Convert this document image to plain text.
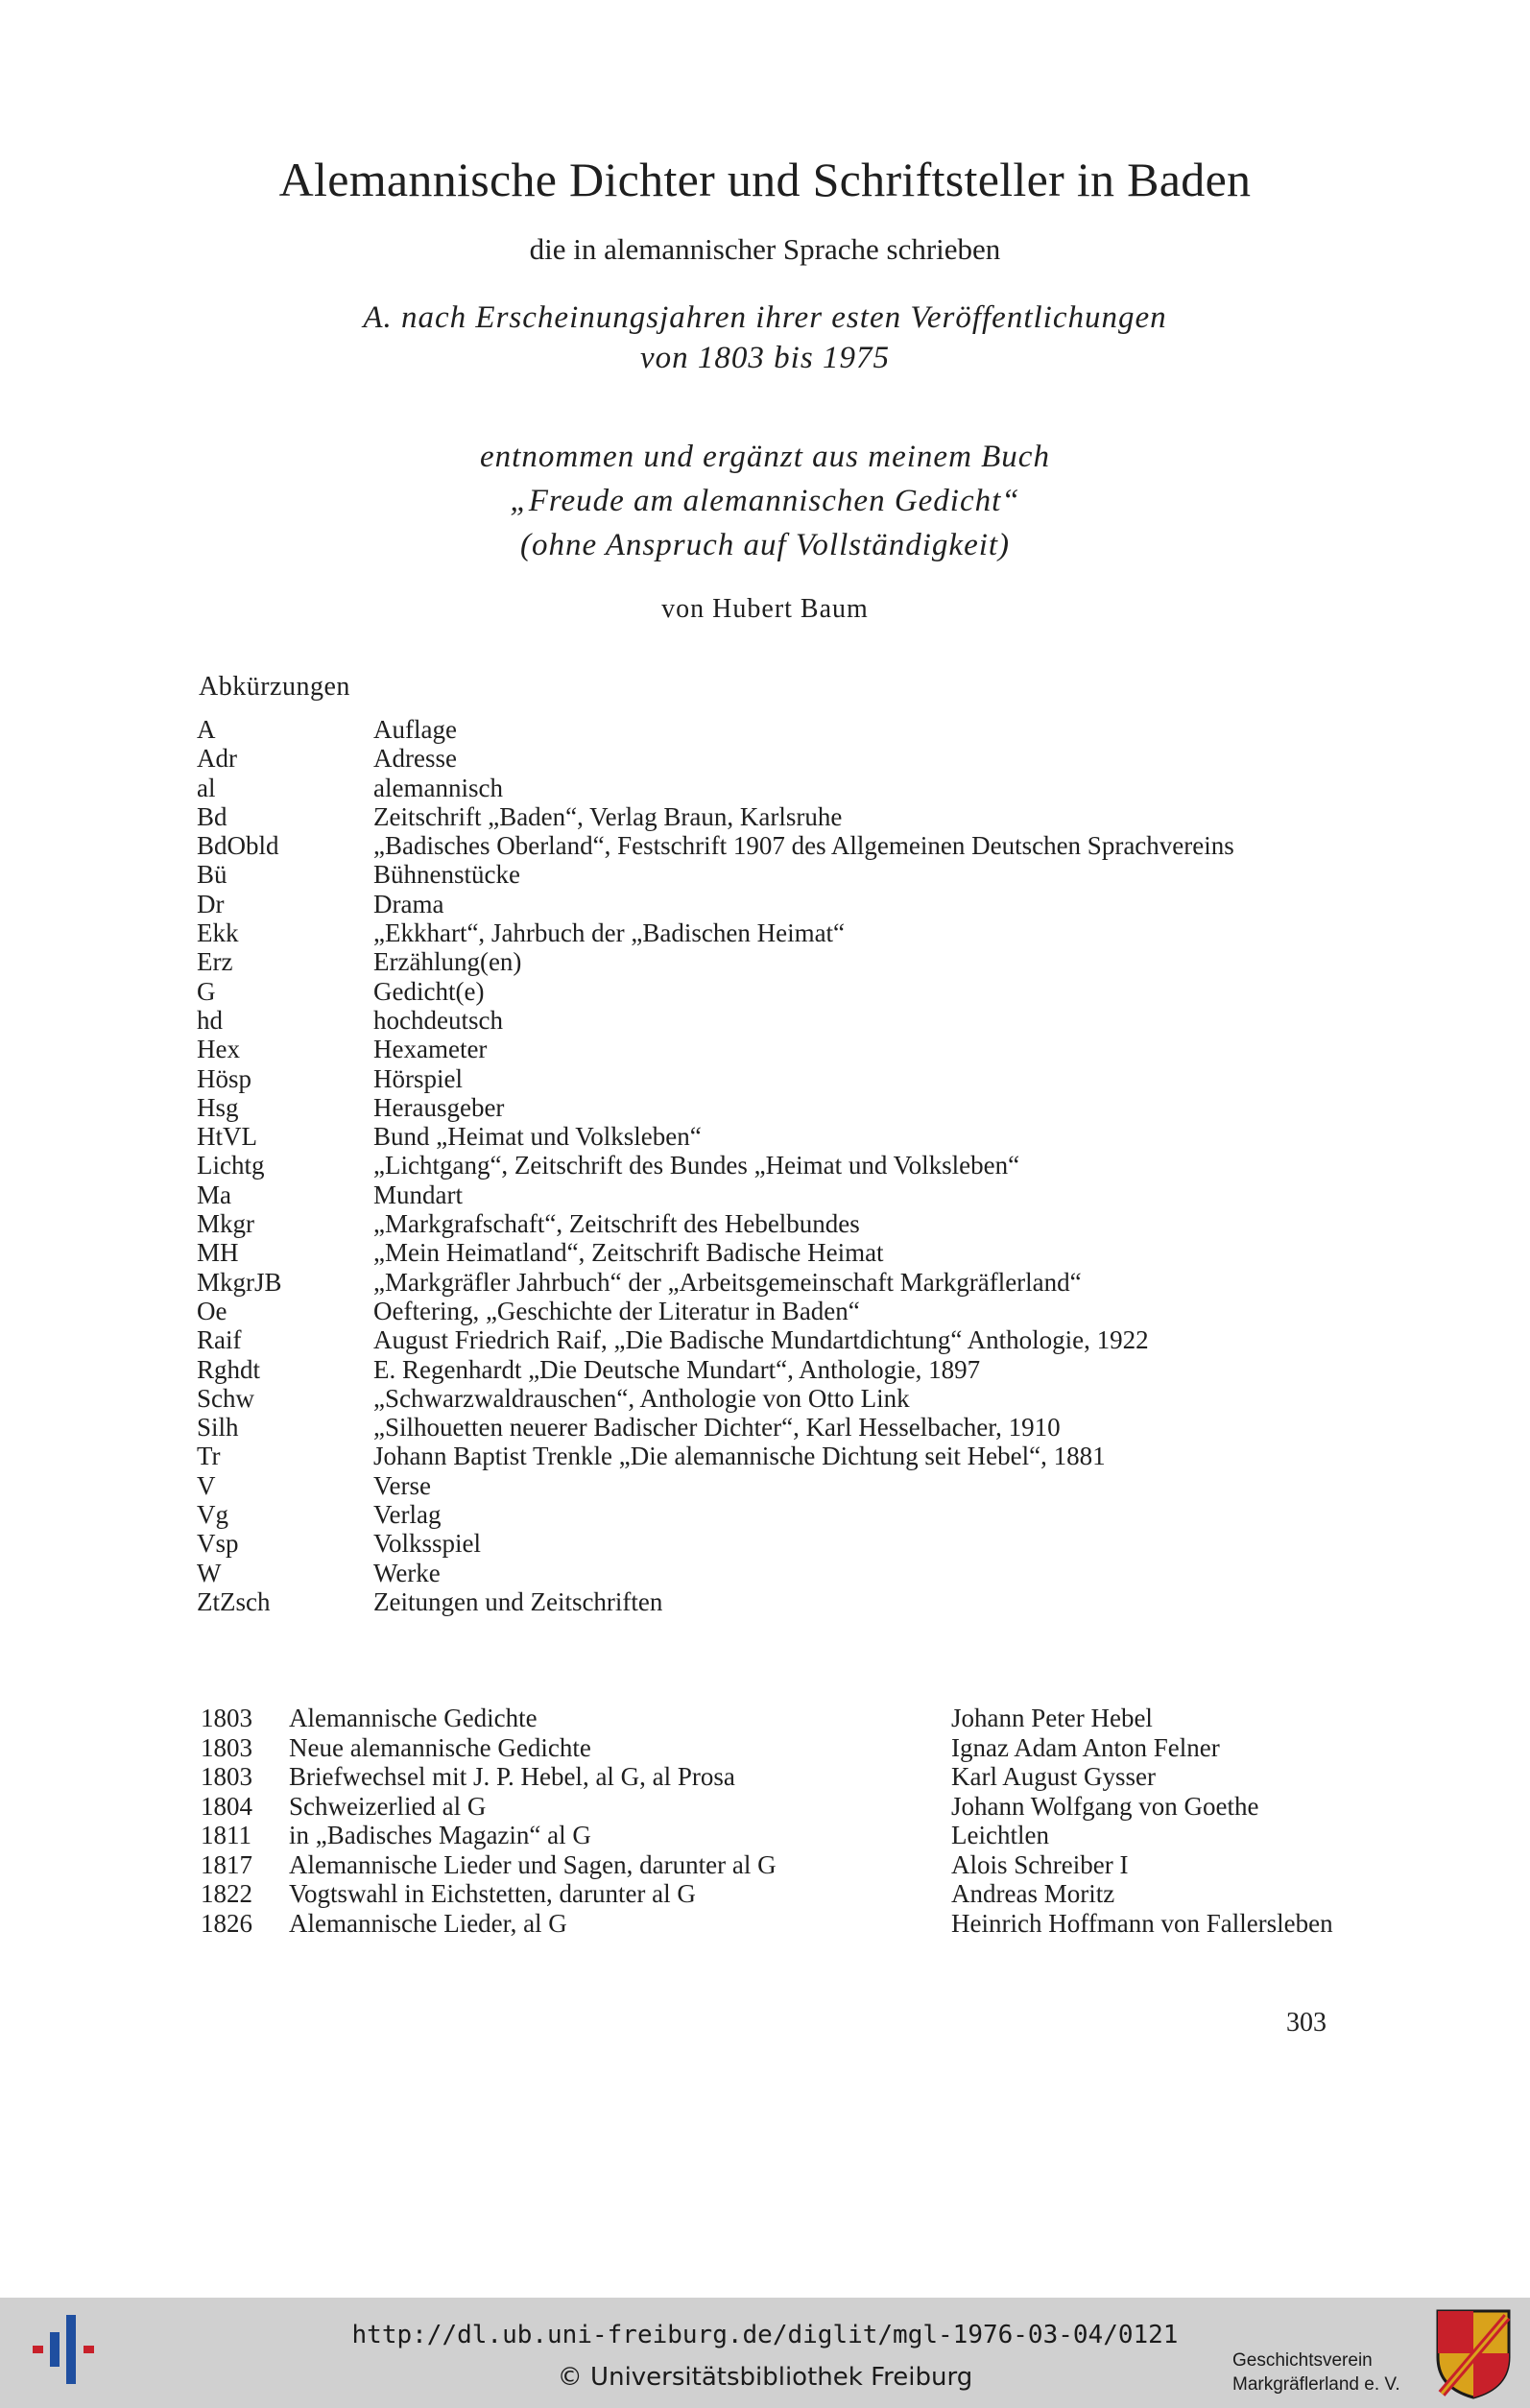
Alemannische Dichter und Schriftsteller in Baden
die in alemannischer Sprache schrieben
A. nach Erscheinungsjahren ihrer esten Veröffentlichungen
von 1803 bis 1975
entnommen und ergänzt aus meinem Buch
„Freude am alemannischen Gedicht“
(ohne Anspruch auf Vollständigkeit)
von Hubert Baum
Abkürzungen
A	Auflage
Adr	Adresse
al	alemannisch
Bd	Zeitschrift „Baden“, Verlag Braun, Karlsruhe
BdObld	„Badisches Oberland“, Festschrift 1907 des Allgemeinen Deutschen Sprachvereins
Bü	Bühnenstücke
Dr	Drama
Ekk	„Ekkhart“, Jahrbuch der „Badischen Heimat“
Erz	Erzählung(en)
G	Gedicht(e)
hd	hochdeutsch
Hex	Hexameter
Hösp	Hörspiel
Hsg	Herausgeber
HtVL	Bund „Heimat und Volksleben“
Lichtg	„Lichtgang“, Zeitschrift des Bundes „Heimat und Volksleben“
Ma	Mundart
Mkgr	„Markgrafschaft“, Zeitschrift des Hebelbundes
MH	„Mein Heimatland“, Zeitschrift Badische Heimat
MkgrJB	„Markgräfler Jahrbuch“ der „Arbeitsgemeinschaft Markgräflerland“
Oe	Oeftering, „Geschichte der Literatur in Baden“
Raif	August Friedrich Raif, „Die Badische Mundartdichtung“ Anthologie, 1922
Rghdt	E. Regenhardt „Die Deutsche Mundart“, Anthologie, 1897
Schw	„Schwarzwaldrauschen“, Anthologie von Otto Link
Silh	„Silhouetten neuerer Badischer Dichter“, Karl Hesselbacher, 1910
Tr	Johann Baptist Trenkle „Die alemannische Dichtung seit Hebel“, 1881
V	Verse
Vg	Verlag
Vsp	Volksspiel
W	Werke
ZtZsch	Zeitungen und Zeitschriften
1803	Alemannische Gedichte	Johann Peter Hebel
1803	Neue alemannische Gedichte	Ignaz Adam Anton Felner
1803	Briefwechsel mit J. P. Hebel, al G, al Prosa	Karl August Gysser
1804	Schweizerlied al G	Johann Wolfgang von Goethe
1811	in „Badisches Magazin“ al G	Leichtlen
1817	Alemannische Lieder und Sagen, darunter al G	Alois Schreiber I
1822	Vogtswahl in Eichstetten, darunter al G	Andreas Moritz
1826	Alemannische Lieder, al G	Heinrich Hoffmann von Fallersleben
303
http://dl.ub.uni-freiburg.de/diglit/mgl-1976-03-04/0121
© Universitätsbibliothek Freiburg
Geschichtsverein
Markgräflerland e. V.
